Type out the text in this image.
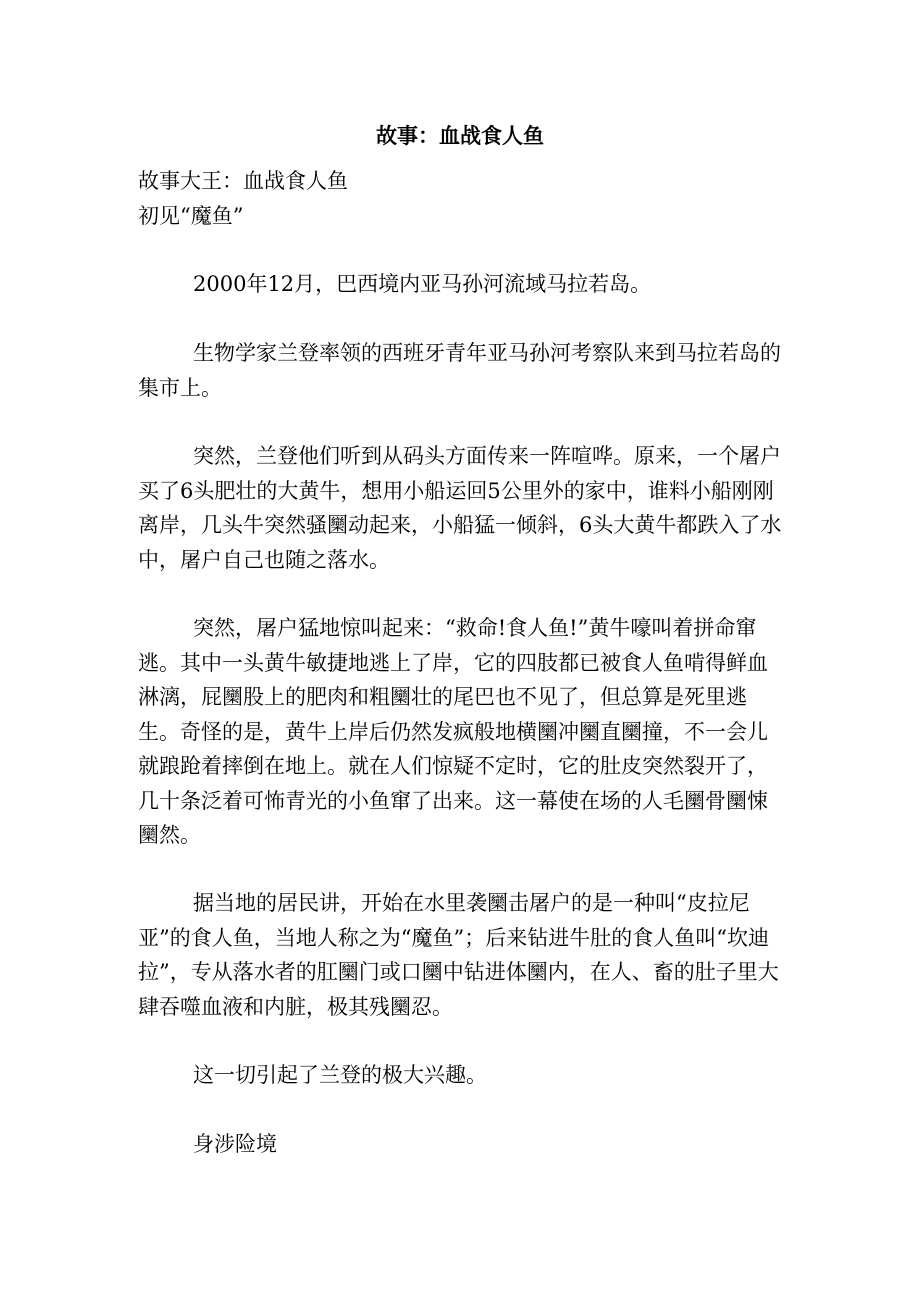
故事：血战食人鱼
故事大王：血战食人鱼
初见“魔鱼”

2000年12月，巴西境内亚马孙河流域马拉若岛。

生物学家兰登率领的西班牙青年亚马孙河考察队来到马拉若岛的集市上。

突然，兰登他们听到从码头方面传来一阵喧哗。原来，一个屠户买了6头肥壮的大黄牛，想用小船运回5公里外的家中，谁料小船刚刚离岸，几头牛突然骚圞动起来，小船猛一倾斜，6头大黄牛都跌入了水中，屠户自己也随之落水。

突然，屠户猛地惊叫起来：“救命!食人鱼!”黄牛嚎叫着拼命窜逃。其中一头黄牛敏捷地逃上了岸，它的四肢都已被食人鱼啃得鲜血淋漓，屁圞股上的肥肉和粗圞壮的尾巴也不见了，但总算是死里逃生。奇怪的是，黄牛上岸后仍然发疯般地横圞冲圞直圞撞，不一会儿就踉跄着摔倒在地上。就在人们惊疑不定时，它的肚皮突然裂开了，几十条泛着可怖青光的小鱼窜了出来。这一幕使在场的人毛圞骨圞悚圞然。

据当地的居民讲，开始在水里袭圞击屠户的是一种叫“皮拉尼亚”的食人鱼，当地人称之为“魔鱼”；后来钻进牛肚的食人鱼叫“坎迪拉”，专从落水者的肛圞门或口圞中钻进体圞内，在人、畜的肚子里大肆吞噬血液和内脏，极其残圞忍。

这一切引起了兰登的极大兴趣。

身涉险境
